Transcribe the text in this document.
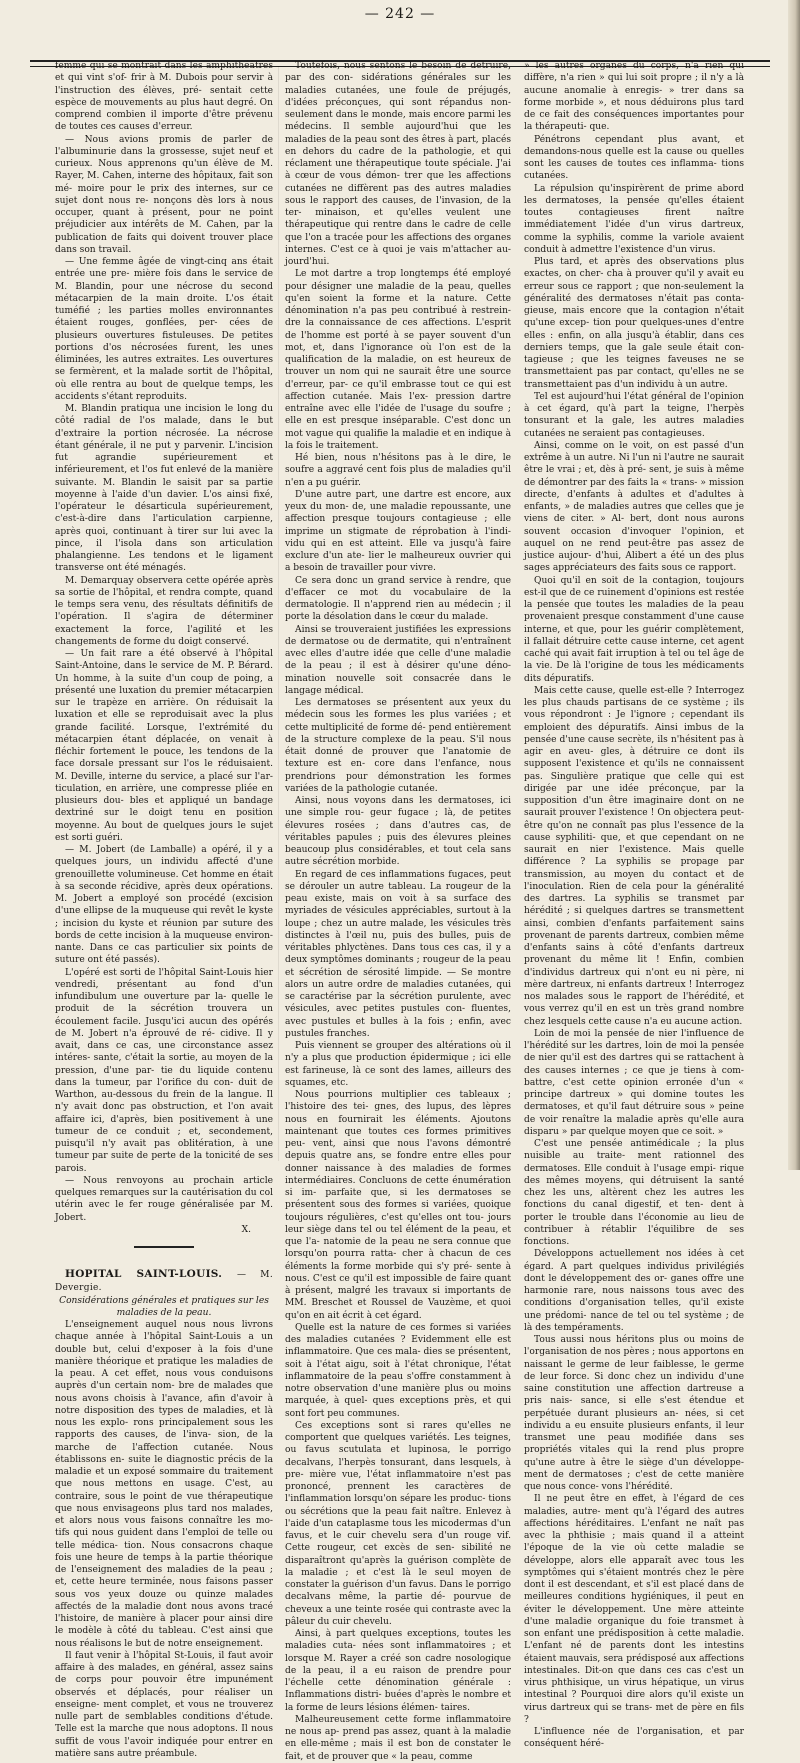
— 242 —

femme qui se montrait dans les amphithéâtres et qui vint s'of- frir à M. Dubois pour servir à l'instruction des élèves, pré- sentait cette espèce de mouvements au plus haut degré. On comprend combien il importe d'être prévenu de toutes ces causes d'erreur.

— Nous avions promis de parler de l'albuminurie dans la grossesse, sujet neuf et curieux. Nous apprenons qu'un élève de M. Rayer, M. Cahen, interne des hôpitaux, fait son mé- moire pour le prix des internes, sur ce sujet dont nous re- nonçons dès lors à nous occuper, quant à présent, pour ne point préjudicier aux intérêts de M. Cahen, par la publication de faits qui doivent trouver place dans son travail.

— Une femme âgée de vingt-cinq ans était entrée une pre- mière fois dans le service de M. Blandin, pour une nécrose du second métacarpien de la main droite. L'os était tuméfié ; les parties molles environnantes étaient rouges, gonflées, per- cées de plusieurs ouvertures fistuleuses. De petites portions d'os nécrosées furent, les unes éliminées, les autres extraites. Les ouvertures se fermèrent, et la malade sortit de l'hôpital, où elle rentra au bout de quelque temps, les accidents s'étant reproduits.

M. Blandin pratiqua une incision le long du côté radial de l'os malade, dans le but d'extraire la portion nécrosée. La nécrose étant générale, il ne put y parvenir. L'incision fut agrandie supérieurement et inférieurement, et l'os fut enlevé de la manière suivante. M. Blandin le saisit par sa partie moyenne à l'aide d'un davier. L'os ainsi fixé, l'opérateur le désarticula supérieurement, c'est-à-dire dans l'articulation carpienne, après quoi, continuant à tirer sur lui avec la pince, il l'isola dans son articulation phalangienne. Les tendons et le ligament transverse ont été ménagés.

M. Demarquay observera cette opérée après sa sortie de l'hôpital, et rendra compte, quand le temps sera venu, des résultats définitifs de l'opération. Il s'agira de déterminer exactement la force, l'agilité et les changements de forme du doigt conservé.

— Un fait rare a été observé à l'hôpital Saint-Antoine, dans le service de M. P. Bérard. Un homme, à la suite d'un coup de poing, a présenté une luxation du premier métacarpien sur le trapèze en arrière. On réduisait la luxation et elle se reproduisait avec la plus grande facilité. Lorsque, l'extrémité du métacarpien étant déplacée, on venait à fléchir fortement le pouce, les tendons de la face dorsale pressant sur l'os le réduisaient. M. Deville, interne du service, a placé sur l'ar- ticulation, en arrière, une compresse pliée en plusieurs dou- bles et appliqué un bandage dextriné sur le doigt tenu en position moyenne. Au bout de quelques jours le sujet est sorti guéri.

— M. Jobert (de Lamballe) a opéré, il y a quelques jours, un individu affecté d'une grenouillette volumineuse. Cet homme en était à sa seconde récidive, après deux opérations. M. Jobert a employé son procédé (excision d'une ellipse de la muqueuse qui revêt le kyste ; incision du kyste et réunion par suture des bords de cette incision à la muqueuse environ- nante. Dans ce cas particulier six points de suture ont été passés).

L'opéré est sorti de l'hôpital Saint-Louis hier vendredi, présentant au fond d'un infundibulum une ouverture par la- quelle le produit de la sécrétion trouvera un écoulement facile. Jusqu'ici aucun des opérés de M. Jobert n'a éprouvé de ré- cidive. Il y avait, dans ce cas, une circonstance assez intéres- sante, c'était la sortie, au moyen de la pression, d'une par- tie du liquide contenu dans la tumeur, par l'orifice du con- duit de Warthon, au-dessous du frein de la langue. Il n'y avait donc pas obstruction, et l'on avait affaire ici, d'après, bien positivement à une tumeur de ce conduit ; et, secondement, puisqu'il n'y avait pas oblitération, à une tumeur par suite de perte de la tonicité de ses parois.

— Nous renvoyons au prochain article quelques remarques sur la cautérisation du col utérin avec le fer rouge généralisée par M. Jobert.

X.

HOPITAL SAINT-LOUIS. — M. Devergie.

Considérations générales et pratiques sur les maladies de la peau.

L'enseignement auquel nous nous livrons chaque année à l'hôpital Saint-Louis a un double but, celui d'exposer à la fois d'une manière théorique et pratique les maladies de la peau. A cet effet, nous vous conduisons auprès d'un certain nom- bre de malades que nous avons choisis à l'avance, afin d'avoir à notre disposition des types de maladies, et là nous les explo- rons principalement sous les rapports des causes, de l'inva- sion, de la marche de l'affection cutanée. Nous établissons en- suite le diagnostic précis de la maladie et un exposé sommaire du traitement que nous mettons en usage. C'est, au contraire, sous le point de vue thérapeutique que nous envisageons plus tard nos malades, et alors nous vous faisons connaître les mo- tifs qui nous guident dans l'emploi de telle ou telle médica- tion. Nous consacrons chaque fois une heure de temps à la partie théorique de l'enseignement des maladies de la peau ; et, cette heure terminée, nous faisons passer sous vos yeux douze ou quinze malades affectés de la maladie dont nous avons tracé l'histoire, de manière à placer pour ainsi dire le modèle à côté du tableau. C'est ainsi que nous réalisons le but de notre enseignement.

Il faut venir à l'hôpital St-Louis, il faut avoir affaire à des malades, en général, assez sains de corps pour pouvoir être impunément observés et déplacés, pour réaliser un enseigne- ment complet, et vous ne trouverez nulle part de semblables conditions d'étude. Telle est la marche que nous adoptons. Il nous suffit de vous l'avoir indiquée pour entrer en matière sans autre préambule.

Toutefois, nous sentons le besoin de détruire, par des con- sidérations générales sur les maladies cutanées, une foule de préjugés, d'idées préconçues, qui sont répandus non-seulement dans le monde, mais encore parmi les médecins. Il semble aujourd'hui que les maladies de la peau sont des êtres à part, placés en dehors du cadre de la pathologie, et qui réclament une thérapeutique toute spéciale. J'ai à cœur de vous démon- trer que les affections cutanées ne diffèrent pas des autres maladies sous le rapport des causes, de l'invasion, de la ter- minaison, et qu'elles veulent une thérapeutique qui rentre dans le cadre de celle que l'on a tracée pour les affections des organes internes. C'est ce à quoi je vais m'attacher au- jourd'hui.

Le mot dartre a trop longtemps été employé pour désigner une maladie de la peau, quelles qu'en soient la forme et la nature. Cette dénomination n'a pas peu contribué à restrein- dre la connaissance de ces affections. L'esprit de l'homme est porté à se payer souvent d'un mot, et, dans l'ignorance où l'on est de la qualification de la maladie, on est heureux de trouver un nom qui ne saurait être une source d'erreur, par- ce qu'il embrasse tout ce qui est affection cutanée. Mais l'ex- pression dartre entraîne avec elle l'idée de l'usage du soufre ; elle en est presque inséparable. C'est donc un mot vague qui qualifie la maladie et en indique à la fois le traitement.

Hé bien, nous n'hésitons pas à le dire, le soufre a aggravé cent fois plus de maladies qu'il n'en a pu guérir.

D'une autre part, une dartre est encore, aux yeux du mon- de, une maladie repoussante, une affection presque toujours contagieuse ; elle imprime un stigmate de réprobation à l'indi- vidu qui en est atteint. Elle va jusqu'à faire exclure d'un ate- lier le malheureux ouvrier qui a besoin de travailler pour vivre.

Ce sera donc un grand service à rendre, que d'effacer ce mot du vocabulaire de la dermatologie. Il n'apprend rien au médecin ; il porte la désolation dans le cœur du malade.

Ainsi se trouveraient justifiées les expressions de dermatose ou de dermatite, qui n'entraînent avec elles d'autre idée que celle d'une maladie de la peau ; il est à désirer qu'une déno- mination nouvelle soit consacrée dans le langage médical.

Les dermatoses se présentent aux yeux du médecin sous les formes les plus variées ; et cette multiplicité de forme dé- pend entièrement de la structure complexe de la peau. S'il nous était donné de prouver que l'anatomie de texture est en- core dans l'enfance, nous prendrions pour démonstration les formes variées de la pathologie cutanée.

Ainsi, nous voyons dans les dermatoses, ici une simple rou- geur fugace ; là, de petites élevures rosées ; dans d'autres cas, de véritables papules ; puis des élevures pleines beaucoup plus considérables, et tout cela sans autre sécrétion morbide.

En regard de ces inflammations fugaces, peut se dérouler un autre tableau. La rougeur de la peau existe, mais on voit à sa surface des myriades de vésicules appréciables, surtout à la loupe ; chez un autre malade, les vésicules très distinctes à l'œil nu, puis des bulles, puis de véritables phlyctènes. Dans tous ces cas, il y a deux symptômes dominants ; rougeur de la peau et sécrétion de sérosité limpide. — Se montre alors un autre ordre de maladies cutanées, qui se caractérise par la sécrétion purulente, avec vésicules, avec petites pustules con- fluentes, avec pustules et bulles à la fois ; enfin, avec pustules franches.

Puis viennent se grouper des altérations où il n'y a plus que production épidermique ; ici elle est farineuse, là ce sont des lames, ailleurs des squames, etc.

Nous pourrions multiplier ces tableaux ; l'histoire des tei- gnes, des lupus, des lèpres nous en fournirait les éléments. Ajoutons maintenant que toutes ces formes primitives peu- vent, ainsi que nous l'avons démontré depuis quatre ans, se fondre entre elles pour donner naissance à des maladies de formes intermédiaires. Concluons de cette énumération si im- parfaite que, si les dermatoses se présentent sous des formes si variées, quoique toujours régulières, c'est qu'elles ont tou- jours leur siège dans tel ou tel élément de la peau, et que l'a- natomie de la peau ne sera connue que lorsqu'on pourra ratta- cher à chacun de ces éléments la forme morbide qui s'y pré- sente à nous. C'est ce qu'il est impossible de faire quant à présent, malgré les travaux si importants de MM. Breschet et Roussel de Vauzème, et quoi qu'on en ait écrit à cet égard.

Quelle est la nature de ces formes si variées des maladies cutanées ? Evidemment elle est inflammatoire. Que ces mala- dies se présentent, soit à l'état aigu, soit à l'état chronique, l'état inflammatoire de la peau s'offre constamment à notre observation d'une manière plus ou moins marquée, à quel- ques exceptions près, et qui sont fort peu communes.

Ces exceptions sont si rares qu'elles ne comportent que quelques variétés. Les teignes, ou favus scutulata et lupinosa, le porrigo decalvans, l'herpès tonsurant, dans lesquels, à pre- mière vue, l'état inflammatoire n'est pas prononcé, prennent les caractères de l'inflammation lorsqu'on sépare les produc- tions ou sécrétions que la peau fait naître. Enlevez à l'aide d'un cataplasme tous les micodermas d'un favus, et le cuir chevelu sera d'un rouge vif. Cette rougeur, cet excès de sen- sibilité ne disparaîtront qu'après la guérison complète de la maladie ; et c'est là le seul moyen de constater la guérison d'un favus. Dans le porrigo decalvans même, la partie dé- pourvue de cheveux a une teinte rosée qui contraste avec la pâleur du cuir chevelu.

Ainsi, à part quelques exceptions, toutes les maladies cuta- nées sont inflammatoires ; et lorsque M. Rayer a créé son cadre nosologique de la peau, il a eu raison de prendre pour l'échelle cette dénomination générale : Inflammations distri- buées d'après le nombre et la forme de leurs lésions élémen- taires.

Malheureusement cette forme inflammatoire ne nous ap- prend pas assez, quant à la maladie en elle-même ; mais il est bon de constater le fait, et de prouver que « la peau, comme

» les autres organes du corps, n'a rien qui diffère, n'a rien » qui lui soit propre ; il n'y a là aucune anomalie à enregis- » trer dans sa forme morbide », et nous déduirons plus tard de ce fait des conséquences importantes pour la thérapeuti- que.

Pénétrons cependant plus avant, et demandons-nous quelle est la cause ou quelles sont les causes de toutes ces inflamma- tions cutanées.

La répulsion qu'inspirèrent de prime abord les dermatoses, la pensée qu'elles étaient toutes contagieuses firent naître immédiatement l'idée d'un virus dartreux, comme la syphilis, comme la variole avaient conduit à admettre l'existence d'un virus.

Plus tard, et après des observations plus exactes, on cher- cha à prouver qu'il y avait eu erreur sous ce rapport ; que non-seulement la généralité des dermatoses n'était pas conta- gieuse, mais encore que la contagion n'était qu'une excep- tion pour quelques-unes d'entre elles : enfin, on alla jusqu'à établir, dans ces derniers temps, que la gale seule était con- tagieuse ; que les teignes faveuses ne se transmettaient pas par contact, qu'elles ne se transmettaient pas d'un individu à un autre.

Tel est aujourd'hui l'état général de l'opinion à cet égard, qu'à part la teigne, l'herpès tonsurant et la gale, les autres maladies cutanées ne seraient pas contagieuses.

Ainsi, comme on le voit, on est passé d'un extrême à un autre. Ni l'un ni l'autre ne saurait être le vrai ; et, dès à pré- sent, je suis à même de démontrer par des faits la « trans- » mission directe, d'enfants à adultes et d'adultes à enfants, » de maladies autres que celles que je viens de citer. » Al- bert, dont nous aurons souvent occasion d'invoquer l'opinion, et auquel on ne rend peut-être pas assez de justice aujour- d'hui, Alibert a été un des plus sages appréciateurs des faits sous ce rapport.

Quoi qu'il en soit de la contagion, toujours est-il que de ce ruinement d'opinions est restée la pensée que toutes les maladies de la peau provenaient presque constamment d'une cause interne, et que, pour les guérir complètement, il fallait détruire cette cause interne, cet agent caché qui avait fait irruption à tel ou tel âge de la vie. De là l'origine de tous les médicaments dits dépuratifs.

Mais cette cause, quelle est-elle ? Interrogez les plus chauds partisans de ce système ; ils vous répondront : Je l'ignore ; cependant ils emploient des dépuratifs. Ainsi imbus de la pensée d'une cause secrète, ils n'hésitent pas à agir en aveu- gles, à détruire ce dont ils supposent l'existence et qu'ils ne connaissent pas. Singulière pratique que celle qui est dirigée par une idée préconçue, par la supposition d'un être imaginaire dont on ne saurait prouver l'existence ! On objectera peut- être qu'on ne connaît pas plus l'essence de la cause syphiliti- que, et que cependant on ne saurait en nier l'existence. Mais quelle différence ? La syphilis se propage par transmission, au moyen du contact et de l'inoculation. Rien de cela pour la généralité des dartres. La syphilis se transmet par hérédité ; si quelques dartres se transmettent ainsi, combien d'enfants parfaitement sains provenant de parents dartreux, combien même d'enfants sains à côté d'enfants dartreux provenant du même lit ! Enfin, combien d'individus dartreux qui n'ont eu ni père, ni mère dartreux, ni enfants dartreux ! Interrogez nos malades sous le rapport de l'hérédité, et vous verrez qu'il en est un très grand nombre chez lesquels cette cause n'a eu aucune action.

Loin de moi la pensée de nier l'influence de l'hérédité sur les dartres, loin de moi la pensée de nier qu'il est des dartres qui se rattachent à des causes internes ; ce que je tiens à com- battre, c'est cette opinion erronée d'un « principe dartreux » qui domine toutes les dermatoses, et qu'il faut détruire sous » peine de voir renaître la maladie après qu'elle aura disparu » par quelque moyen que ce soit. »

C'est une pensée antimédicale ; la plus nuisible au traite- ment rationnel des dermatoses. Elle conduit à l'usage empi- rique des mêmes moyens, qui détruisent la santé chez les uns, altèrent chez les autres les fonctions du canal digestif, et ten- dent à porter le trouble dans l'économie au lieu de contribuer à rétablir l'équilibre de ses fonctions.

Développons actuellement nos idées à cet égard. A part quelques individus privilégiés dont le développement des or- ganes offre une harmonie rare, nous naissons tous avec des conditions d'organisation telles, qu'il existe une prédomi- nance de tel ou tel système ; de là des tempéraments.

Tous aussi nous héritons plus ou moins de l'organisation de nos pères ; nous apportons en naissant le germe de leur faiblesse, le germe de leur force. Si donc chez un individu d'une saine constitution une affection dartreuse a pris nais- sance, si elle s'est étendue et perpétuée durant plusieurs an- nées, si cet individu a eu ensuite plusieurs enfants, il leur transmet une peau modifiée dans ses propriétés vitales qui la rend plus propre qu'une autre à être le siège d'un développe- ment de dermatoses ; c'est de cette manière que nous conce- vons l'hérédité.

Il ne peut être en effet, à l'égard de ces maladies, autre- ment qu'à l'égard des autres affections héréditaires. L'enfant ne naît pas avec la phthisie ; mais quand il a atteint l'époque de la vie où cette maladie se développe, alors elle apparaît avec tous les symptômes qui s'étaient montrés chez le père dont il est descendant, et s'il est placé dans de meilleures conditions hygiéniques, il peut en éviter le développement. Une mère atteinte d'une maladie organique du foie transmet à son enfant une prédisposition à cette maladie. L'enfant né de parents dont les intestins étaient mauvais, sera prédisposé aux affections intestinales. Dit-on que dans ces cas c'est un virus phthisique, un virus hépatique, un virus intestinal ? Pourquoi dire alors qu'il existe un virus dartreux qui se trans- met de père en fils ?

L'influence née de l'organisation, et par conséquent héré-
